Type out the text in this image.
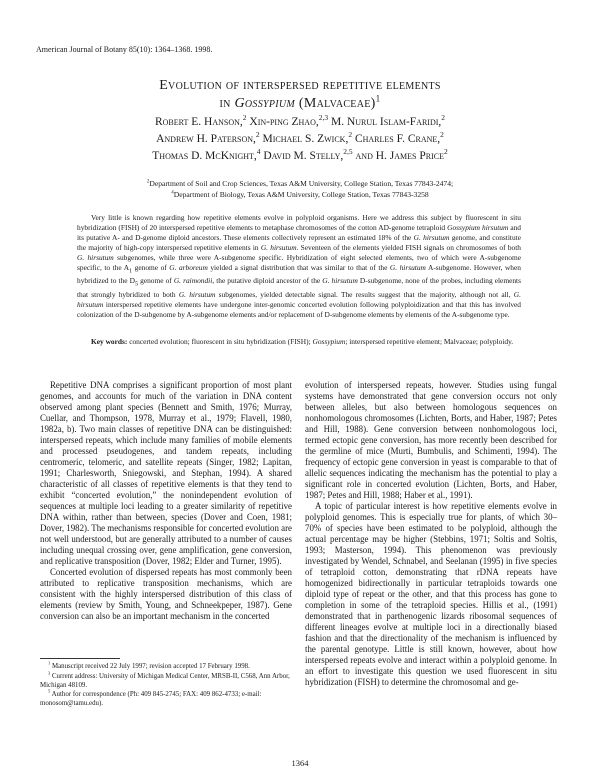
American Journal of Botany 85(10): 1364–1368. 1998.
Evolution of interspersed repetitive elements
in Gossypium (Malvaceae)$^1$
Robert E. Hanson,$^2$ Xin-ping Zhao,$^{2,3}$ M. Nurul Islam-Faridi,$^2$
Andrew H. Paterson,$^2$ Michael S. Zwick,$^2$ Charles F. Crane,$^2$
Thomas D. McKnight,$^4$ David M. Stelly,$^{2,5}$ and H. James Price$^2$
$^2$Department of Soil and Crop Sciences, Texas A&M University, College Station, Texas 77843-2474;
$^4$Department of Biology, Texas A&M University, College Station, Texas 77843-3258

Very little is known regarding how repetitive elements evolve in polyploid organisms. Here we address this subject by fluorescent in situ hybridization (FISH) of 20 interspersed repetitive elements to metaphase chromosomes of the cotton AD-genome tetraploid Gossypium hirsutum and its putative A- and D-genome diploid ancestors. These elements collectively represent an estimated 18% of the G. hirsutum genome, and constitute the majority of high-copy interspersed repetitive elements in G. hirsutum. Seventeen of the elements yielded FISH signals on chromosomes of both G. hirsutum subgenomes, while three were A-subgenome specific. Hybridization of eight selected elements, two of which were A-subgenome specific, to the $A_1$ genome of G. arboreum yielded a signal distribution that was similar to that of the G. hirsutum A-subgenome. However, when hybridized to the $D_5$ genome of G. raimondii, the putative diploid ancestor of the G. hirsutum D-subgenome, none of the probes, including elements that strongly hybridized to both G. hirsutum subgenomes, yielded detectable signal. The results suggest that the majority, although not all, G. hirsutum interspersed repetitive elements have undergone inter-genomic concerted evolution following polyploidization and that this has involved colonization of the D-subgenome by A-subgenome elements and/or replacement of D-subgenome elements by elements of the A-subgenome type.

Key words: concerted evolution; fluorescent in situ hybridization (FISH); Gossypium; interspersed repetitive element; Malvaceae; polyploidy.

Repetitive DNA comprises a significant proportion of most plant genomes, and accounts for much of the variation in DNA content observed among plant species (Bennett and Smith, 1976; Murray, Cuellar, and Thompson, 1978, Murray et al., 1979; Flavell, 1980, 1982a, b). Two main classes of repetitive DNA can be distinguished: interspersed repeats, which include many families of mobile elements and processed pseudogenes, and tandem repeats, including centromeric, telomeric, and satellite repeats (Singer, 1982; Lapitan, 1991; Charlesworth, Sniegowski, and Stephan, 1994). A shared characteristic of all classes of repetitive elements is that they tend to exhibit “concerted evolution,” the nonindependent evolution of sequences at multiple loci leading to a greater similarity of repetitive DNA within, rather than between, species (Dover and Coen, 1981; Dover, 1982). The mechanisms responsible for concerted evolution are not well understood, but are generally attributed to a number of causes including unequal crossing over, gene amplification, gene conversion, and replicative transposition (Dover, 1982; Elder and Turner, 1995).

Concerted evolution of dispersed repeats has most commonly been attributed to replicative transposition mechanisms, which are consistent with the highly interspersed distribution of this class of elements (review by Smith, Young, and Schneekpeper, 1987). Gene conversion can also be an important mechanism in the concerted

$^1$ Manuscript received 22 July 1997; revision accepted 17 February 1998.
$^3$ Current address: University of Michigan Medical Center, MRSB-II, C568, Ann Arbor, Michigan 48109.
$^5$ Author for correspondence (Ph: 409 845-2745; FAX: 409 862-4733; e-mail: monosom@tamu.edu).

evolution of interspersed repeats, however. Studies using fungal systems have demonstrated that gene conversion occurs not only between alleles, but also between homologous sequences on nonhomologous chromosomes (Lichten, Borts, and Haber, 1987; Petes and Hill, 1988). Gene conversion between nonhomologous loci, termed ectopic gene conversion, has more recently been described for the germline of mice (Murti, Bumbulis, and Schimenti, 1994). The frequency of ectopic gene conversion in yeast is comparable to that of allelic sequences indicating the mechanism has the potential to play a significant role in concerted evolution (Lichten, Borts, and Haber, 1987; Petes and Hill, 1988; Haber et al., 1991).

A topic of particular interest is how repetitive elements evolve in polyploid genomes. This is especially true for plants, of which 30–70% of species have been estimated to be polyploid, although the actual percentage may be higher (Stebbins, 1971; Soltis and Soltis, 1993; Masterson, 1994). This phenomenon was previously investigated by Wendel, Schnabel, and Seelanan (1995) in five species of tetraploid cotton, demonstrating that rDNA repeats have homogenized bidirectionally in particular tetraploids towards one diploid type of repeat or the other, and that this process has gone to completion in some of the tetraploid species. Hillis et al., (1991) demonstrated that in parthenogenic lizards ribosomal sequences of different lineages evolve at multiple loci in a directionally biased fashion and that the directionality of the mechanism is influenced by the parental genotype. Little is still known, however, about how interspersed repeats evolve and interact within a polyploid genome. In an effort to investigate this question we used fluorescent in situ hybridization (FISH) to determine the chromosomal and ge-

1364
